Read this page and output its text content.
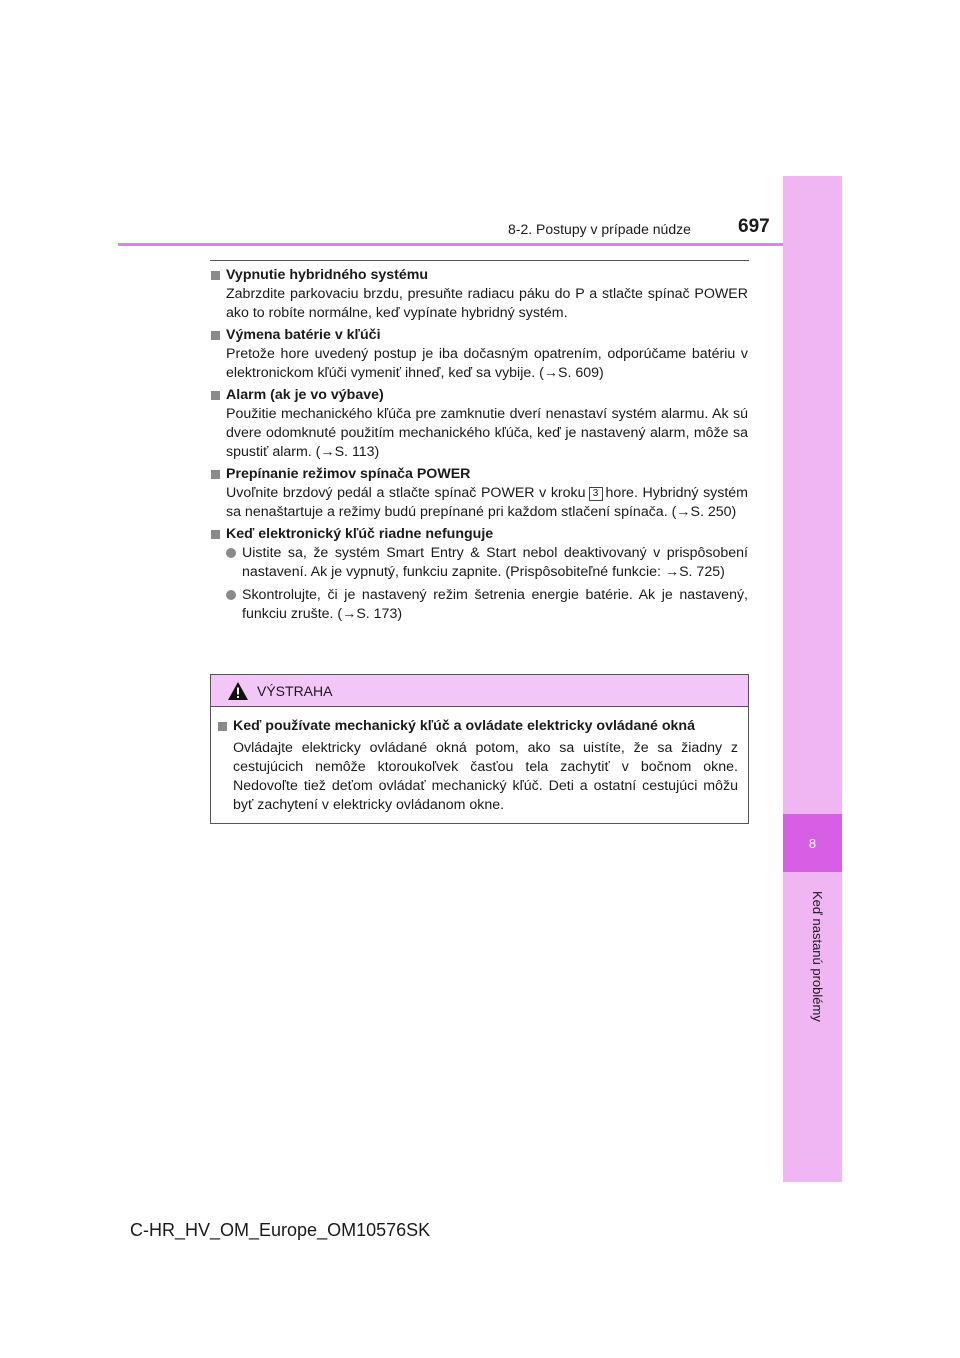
8
Keď nastanú problémy
8-2. Postupy v prípade núdze 697
Vypnutie hybridného systému
Zabrzdite parkovaciu brzdu, presuňte radiacu páku do P a stlačte spínač POWER ako to robíte normálne, keď vypínate hybridný systém.
Výmena batérie v kľúči
Pretože hore uvedený postup je iba dočasným opatrením, odporúčame batériu v elektronickom kľúči vymeniť ihneď, keď sa vybije. (→S. 609)
Alarm (ak je vo výbave)
Použitie mechanického kľúča pre zamknutie dverí nenastaví systém alarmu. Ak sú dvere odomknuté použitím mechanického kľúča, keď je nastavený alarm, môže sa spustiť alarm. (→S. 113)
Prepínanie režimov spínača POWER
Uvoľnite brzdový pedál a stlačte spínač POWER v kroku 3 hore. Hybridný systém sa nenaštartuje a režimy budú prepínané pri každom stlačení spínača. (→S. 250)
Keď elektronický kľúč riadne nefunguje
Uistite sa, že systém Smart Entry & Start nebol deaktivovaný v prispôsobení nastavení. Ak je vypnutý, funkciu zapnite. (Prispôsobiteľné funkcie: →S. 725)
Skontrolujte, či je nastavený režim šetrenia energie batérie. Ak je nastavený, funkciu zrušte. (→S. 173)
VÝSTRAHA
Keď používate mechanický kľúč a ovládate elektricky ovládané okná
Ovládajte elektricky ovládané okná potom, ako sa uistíte, že sa žiadny z cestujúcich nemôže ktoroukoľvek časťou tela zachytiť v bočnom okne. Nedovoľte tiež deťom ovládať mechanický kľúč. Deti a ostatní cestujúci môžu byť zachytení v elektricky ovládanom okne.
C-HR_HV_OM_Europe_OM10576SK
